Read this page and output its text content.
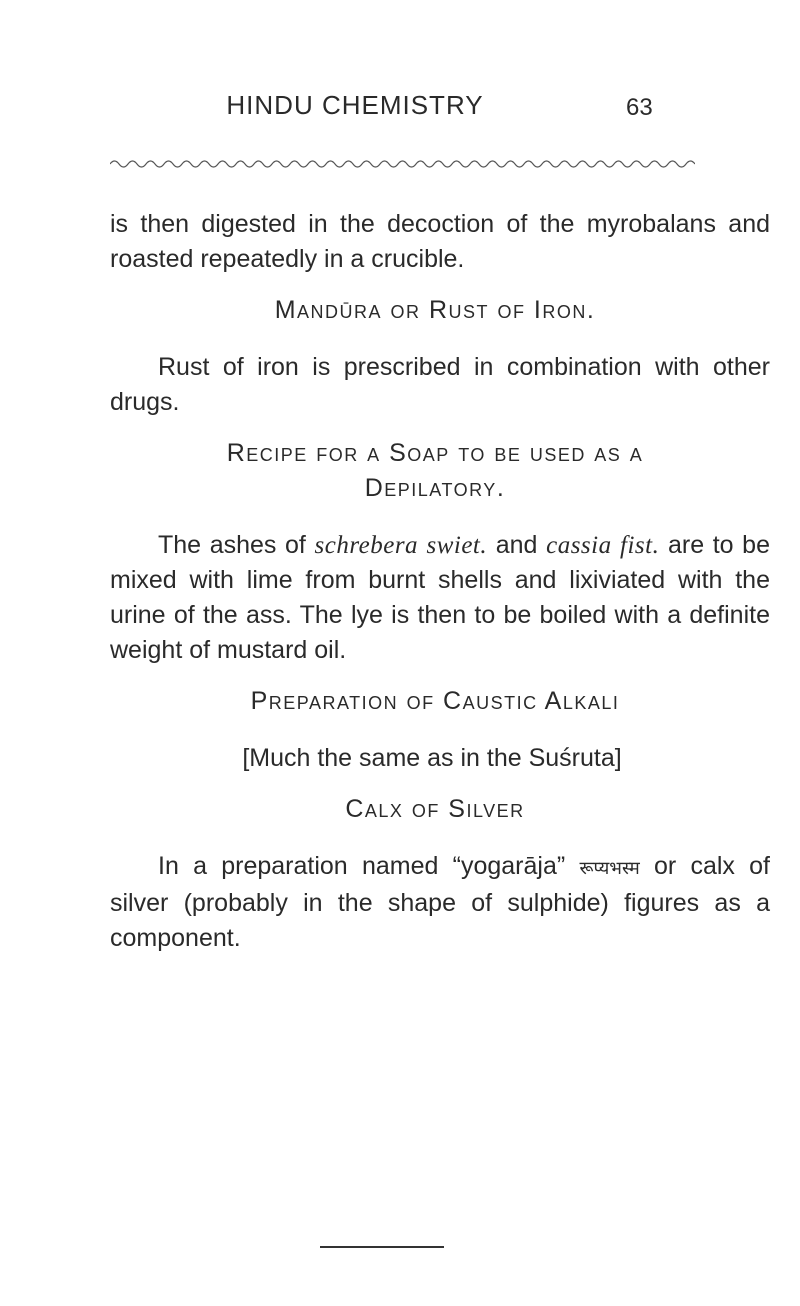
HINDU CHEMISTRY	63

is then digested in the decoction of the myrobalans and roasted repeatedly in a crucible.

Mandūra or Rust of Iron.

Rust of iron is prescribed in combination with other drugs.

Recipe for a Soap to be used as a
Depilatory.

The ashes of schrebera swiet. and cassia fist. are to be mixed with lime from burnt shells and lixiviated with the urine of the ass. The lye is then to be boiled with a definite weight of mustard oil.

Preparation of Caustic Alkali

[Much the same as in the Suśruta]

Calx of Silver

In a preparation named “yogarāja” रूप्यभस्म or calx of silver (probably in the shape of sulphide) figures as a component.
